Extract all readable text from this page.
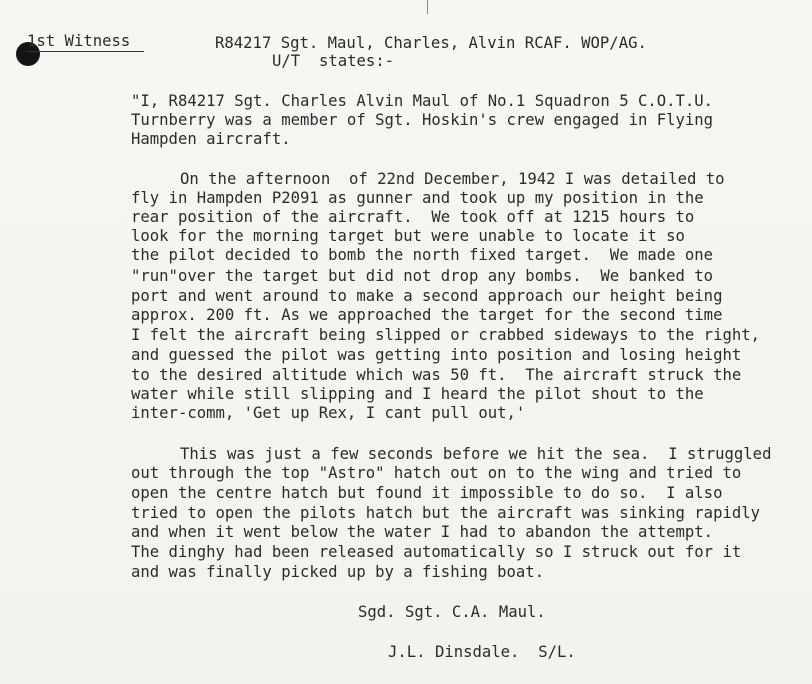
1st Witness	R84217 Sgt. Maul, Charles, Alvin RCAF. WOP/AG.
U/T  states:-
"I, R84217 Sgt. Charles Alvin Maul of No.1 Squadron 5 C.O.T.U.
Turnberry was a member of Sgt. Hoskin's crew engaged in Flying
Hampden aircraft.
On the afternoon  of 22nd December, 1942 I was detailed to
fly in Hampden P2091 as gunner and took up my position in the
rear position of the aircraft.  We took off at 1215 hours to
look for the morning target but were unable to locate it so
the pilot decided to bomb the north fixed target.  We made one
"run"over the target but did not drop any bombs.  We banked to
port and went around to make a second approach our height being
approx. 200 ft. As we approached the target for the second time
I felt the aircraft being slipped or crabbed sideways to the right,
and guessed the pilot was getting into position and losing height
to the desired altitude which was 50 ft.  The aircraft struck the
water while still slipping and I heard the pilot shout to the
inter-comm, 'Get up Rex, I cant pull out,'
This was just a few seconds before we hit the sea.  I struggled
out through the top "Astro" hatch out on to the wing and tried to
open the centre hatch but found it impossible to do so.  I also
tried to open the pilots hatch but the aircraft was sinking rapidly
and when it went below the water I had to abandon the attempt.
The dinghy had been released automatically so I struck out for it
and was finally picked up by a fishing boat.
Sgd. Sgt. C.A. Maul.
J.L. Dinsdale.  S/L.
